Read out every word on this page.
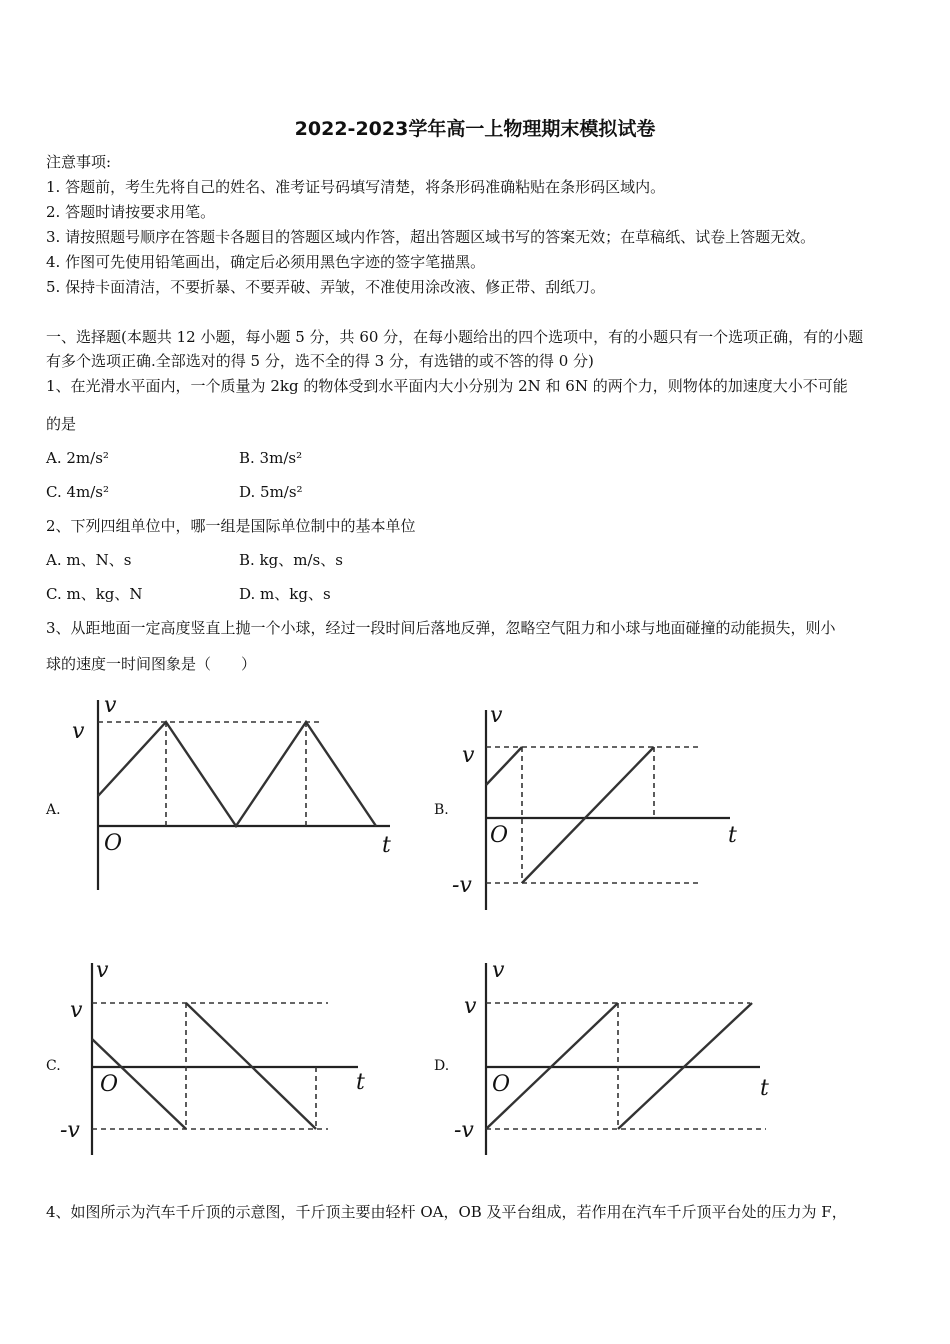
2022-2023学年高一上物理期末模拟试卷
注意事项:
1. 答题前，考生先将自己的姓名、准考证号码填写清楚，将条形码准确粘贴在条形码区域内。
2. 答题时请按要求用笔。
3. 请按照题号顺序在答题卡各题目的答题区域内作答，超出答题区域书写的答案无效；在草稿纸、试卷上答题无效。
4. 作图可先使用铅笔画出，确定后必须用黑色字迹的签字笔描黑。
5. 保持卡面清洁，不要折暴、不要弄破、弄皱，不准使用涂改液、修正带、刮纸刀。
一、选择题(本题共 12 小题，每小题 5 分，共 60 分，在每小题给出的四个选项中，有的小题只有一个选项正确，有的小题
有多个选项正确.全部选对的得 5 分，选不全的得 3 分，有选错的或不答的得 0 分)
1、在光滑水平面内，一个质量为 2kg 的物体受到水平面内大小分别为 2N 和 6N 的两个力，则物体的加速度大小不可能
的是
A. 2m/s²	B. 3m/s²
C. 4m/s²	D. 5m/s²
2、下列四组单位中，哪一组是国际单位制中的基本单位
A. m、N、s	B. kg、m/s、s
C. m、kg、N	D. m、kg、s
3、从距地面一定高度竖直上抛一个小球，经过一段时间后落地反弹，忽略空气阻力和小球与地面碰撞的动能损失，则小
球的速度一时间图象是（　　）
A.
v
v
O	t
B.
v
v
O	t
-v
C.
v
v
O	t
-v
D.
v
v
O	t
-v
4、如图所示为汽车千斤顶的示意图，千斤顶主要由轻杆 OA，OB 及平台组成，若作用在汽车千斤顶平台处的压力为 F，
